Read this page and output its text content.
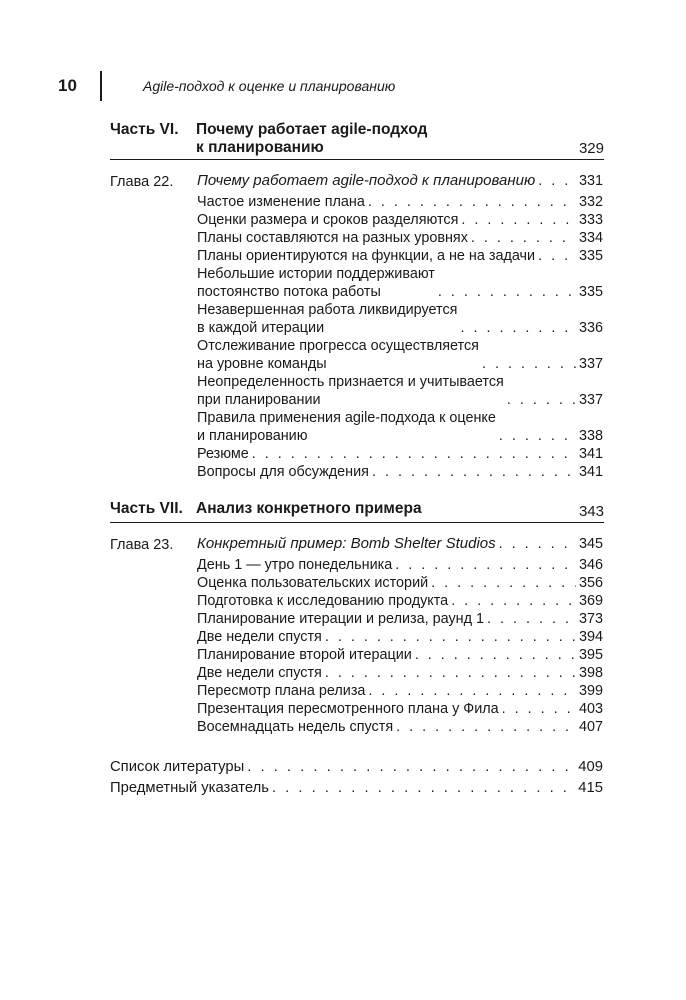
10	Agile-подход к оценке и планированию
Часть VI. Почему работает agile-подход
к планированию	329
Глава 22. Почему работает agile-подход к планированию . . .	331
Частое изменение плана . . .	332
Оценки размера и сроков разделяются . . .	333
Планы составляются на разных уровнях . . .	334
Планы ориентируются на функции, а не на задачи . . .	335
Небольшие истории поддерживают
постоянство потока работы . . .	335
Незавершенная работа ликвидируется
в каждой итерации . . .	336
Отслеживание прогресса осуществляется
на уровне команды . . .	337
Неопределенность признается и учитывается
при планировании . . .	337
Правила применения agile-подхода к оценке
и планированию . . .	338
Резюме . . .	341
Вопросы для обсуждения . . .	341
Часть VII. Анализ конкретного примера	343
Глава 23. Конкретный пример: Bomb Shelter Studios . . .	345
День 1 — утро понедельника . . .	346
Оценка пользовательских историй . . .	356
Подготовка к исследованию продукта . . .	369
Планирование итерации и релиза, раунд 1 . . .	373
Две недели спустя . . .	394
Планирование второй итерации . . .	395
Две недели спустя . . .	398
Пересмотр плана релиза . . .	399
Презентация пересмотренного плана у Фила . . .	403
Восемнадцать недель спустя . . .	407
Список литературы . . .	409
Предметный указатель . . .	415
